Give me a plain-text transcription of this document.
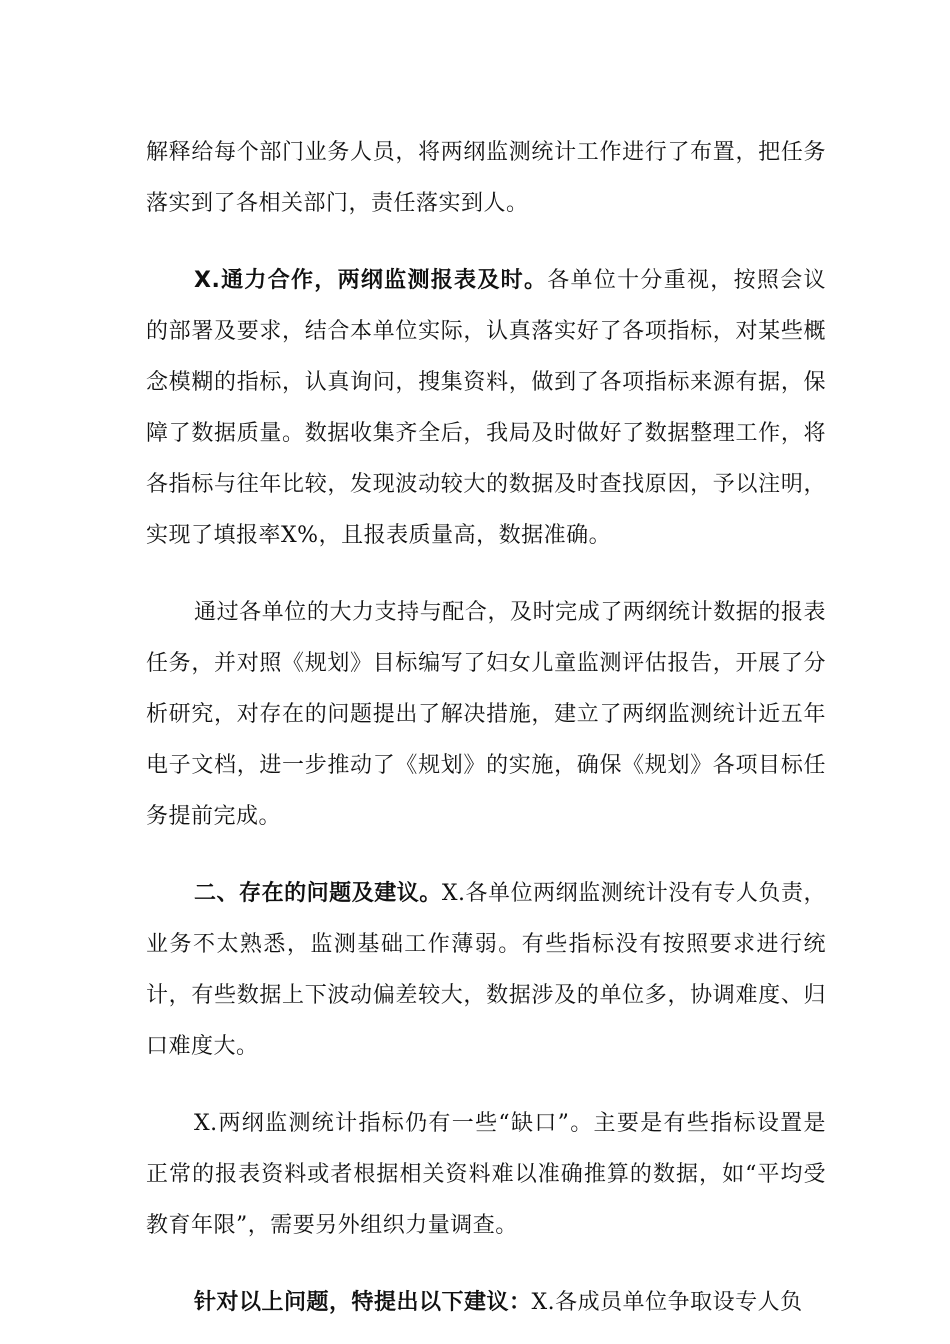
解释给每个部门业务人员，将两纲监测统计工作进行了布置，把任务落实到了各相关部门，责任落实到人。

X.通力合作，两纲监测报表及时。各单位十分重视，按照会议的部署及要求，结合本单位实际，认真落实好了各项指标，对某些概念模糊的指标，认真询问，搜集资料，做到了各项指标来源有据，保障了数据质量。数据收集齐全后，我局及时做好了数据整理工作，将各指标与往年比较，发现波动较大的数据及时查找原因，予以注明，实现了填报率X%，且报表质量高，数据准确。

通过各单位的大力支持与配合，及时完成了两纲统计数据的报表任务，并对照《规划》目标编写了妇女儿童监测评估报告，开展了分析研究，对存在的问题提出了解决措施，建立了两纲监测统计近五年电子文档，进一步推动了《规划》的实施，确保《规划》各项目标任务提前完成。

二、存在的问题及建议。X.各单位两纲监测统计没有专人负责，业务不太熟悉，监测基础工作薄弱。有些指标没有按照要求进行统计，有些数据上下波动偏差较大，数据涉及的单位多，协调难度、归口难度大。

X.两纲监测统计指标仍有一些“缺口”。主要是有些指标设置是正常的报表资料或者根据相关资料难以准确推算的数据，如“平均受教育年限”，需要另外组织力量调查。

针对以上问题，特提出以下建议：X.各成员单位争取设专人负
